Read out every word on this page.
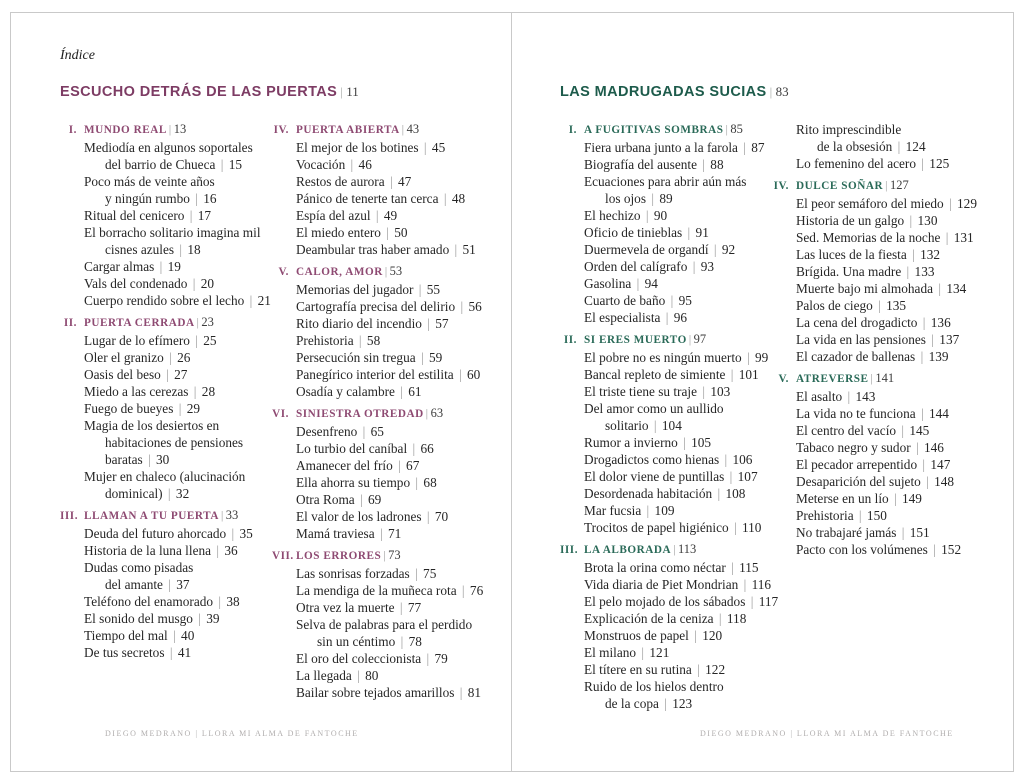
Índice
ESCUCHO DETRÁS DE LAS PUERTAS | 11
I. MUNDO REAL | 13
Mediodía en algunos soportales
del barrio de Chueca | 15
Poco más de veinte años
y ningún rumbo | 16
Ritual del cenicero | 17
El borracho solitario imagina mil
cisnes azules | 18
Cargar almas | 19
Vals del condenado | 20
Cuerpo rendido sobre el lecho | 21
II. PUERTA CERRADA | 23
Lugar de lo efímero | 25
Oler el granizo | 26
Oasis del beso | 27
Miedo a las cerezas | 28
Fuego de bueyes | 29
Magia de los desiertos en
habitaciones de pensiones
baratas | 30
Mujer en chaleco (alucinación
dominical) | 32
III. LLAMAN A TU PUERTA | 33
Deuda del futuro ahorcado | 35
Historia de la luna llena | 36
Dudas como pisadas
del amante | 37
Teléfono del enamorado | 38
El sonido del musgo | 39
Tiempo del mal | 40
De tus secretos | 41
IV. PUERTA ABIERTA | 43
El mejor de los botines | 45
Vocación | 46
Restos de aurora | 47
Pánico de tenerte tan cerca | 48
Espía del azul | 49
El miedo entero | 50
Deambular tras haber amado | 51
V. CALOR, AMOR | 53
Memorias del jugador | 55
Cartografía precisa del delirio | 56
Rito diario del incendio | 57
Prehistoria | 58
Persecución sin tregua | 59
Panegírico interior del estilita | 60
Osadía y calambre | 61
VI. SINIESTRA OTREDAD | 63
Desenfreno | 65
Lo turbio del caníbal | 66
Amanecer del frío | 67
Ella ahorra su tiempo | 68
Otra Roma | 69
El valor de los ladrones | 70
Mamá traviesa | 71
VII. LOS ERRORES | 73
Las sonrisas forzadas | 75
La mendiga de la muñeca rota | 76
Otra vez la muerte | 77
Selva de palabras para el perdido
sin un céntimo | 78
El oro del coleccionista | 79
La llegada | 80
Bailar sobre tejados amarillos | 81
DIEGO MEDRANO | LLORA MI ALMA DE FANTOCHE
LAS MADRUGADAS SUCIAS | 83
I. A FUGITIVAS SOMBRAS | 85
Fiera urbana junto a la farola | 87
Biografía del ausente | 88
Ecuaciones para abrir aún más
los ojos | 89
El hechizo | 90
Oficio de tinieblas | 91
Duermevela de organdí | 92
Orden del calígrafo | 93
Gasolina | 94
Cuarto de baño | 95
El especialista | 96
II. SI ERES MUERTO | 97
El pobre no es ningún muerto | 99
Bancal repleto de simiente | 101
El triste tiene su traje | 103
Del amor como un aullido
solitario | 104
Rumor a invierno | 105
Drogadictos como hienas | 106
El dolor viene de puntillas | 107
Desordenada habitación | 108
Mar fucsia | 109
Trocitos de papel higiénico | 110
III. LA ALBORADA | 113
Brota la orina como néctar | 115
Vida diaria de Piet Mondrian | 116
El pelo mojado de los sábados | 117
Explicación de la ceniza | 118
Monstruos de papel | 120
El milano | 121
El títere en su rutina | 122
Ruido de los hielos dentro
de la copa | 123
Rito imprescindible
de la obsesión | 124
Lo femenino del acero | 125
IV. DULCE SOÑAR | 127
El peor semáforo del miedo | 129
Historia de un galgo | 130
Sed. Memorias de la noche | 131
Las luces de la fiesta | 132
Brígida. Una madre | 133
Muerte bajo mi almohada | 134
Palos de ciego | 135
La cena del drogadicto | 136
La vida en las pensiones | 137
El cazador de ballenas | 139
V. ATREVERSE | 141
El asalto | 143
La vida no te funciona | 144
El centro del vacío | 145
Tabaco negro y sudor | 146
El pecador arrepentido | 147
Desaparición del sujeto | 148
Meterse en un lío | 149
Prehistoria | 150
No trabajaré jamás | 151
Pacto con los volúmenes | 152
DIEGO MEDRANO | LLORA MI ALMA DE FANTOCHE
